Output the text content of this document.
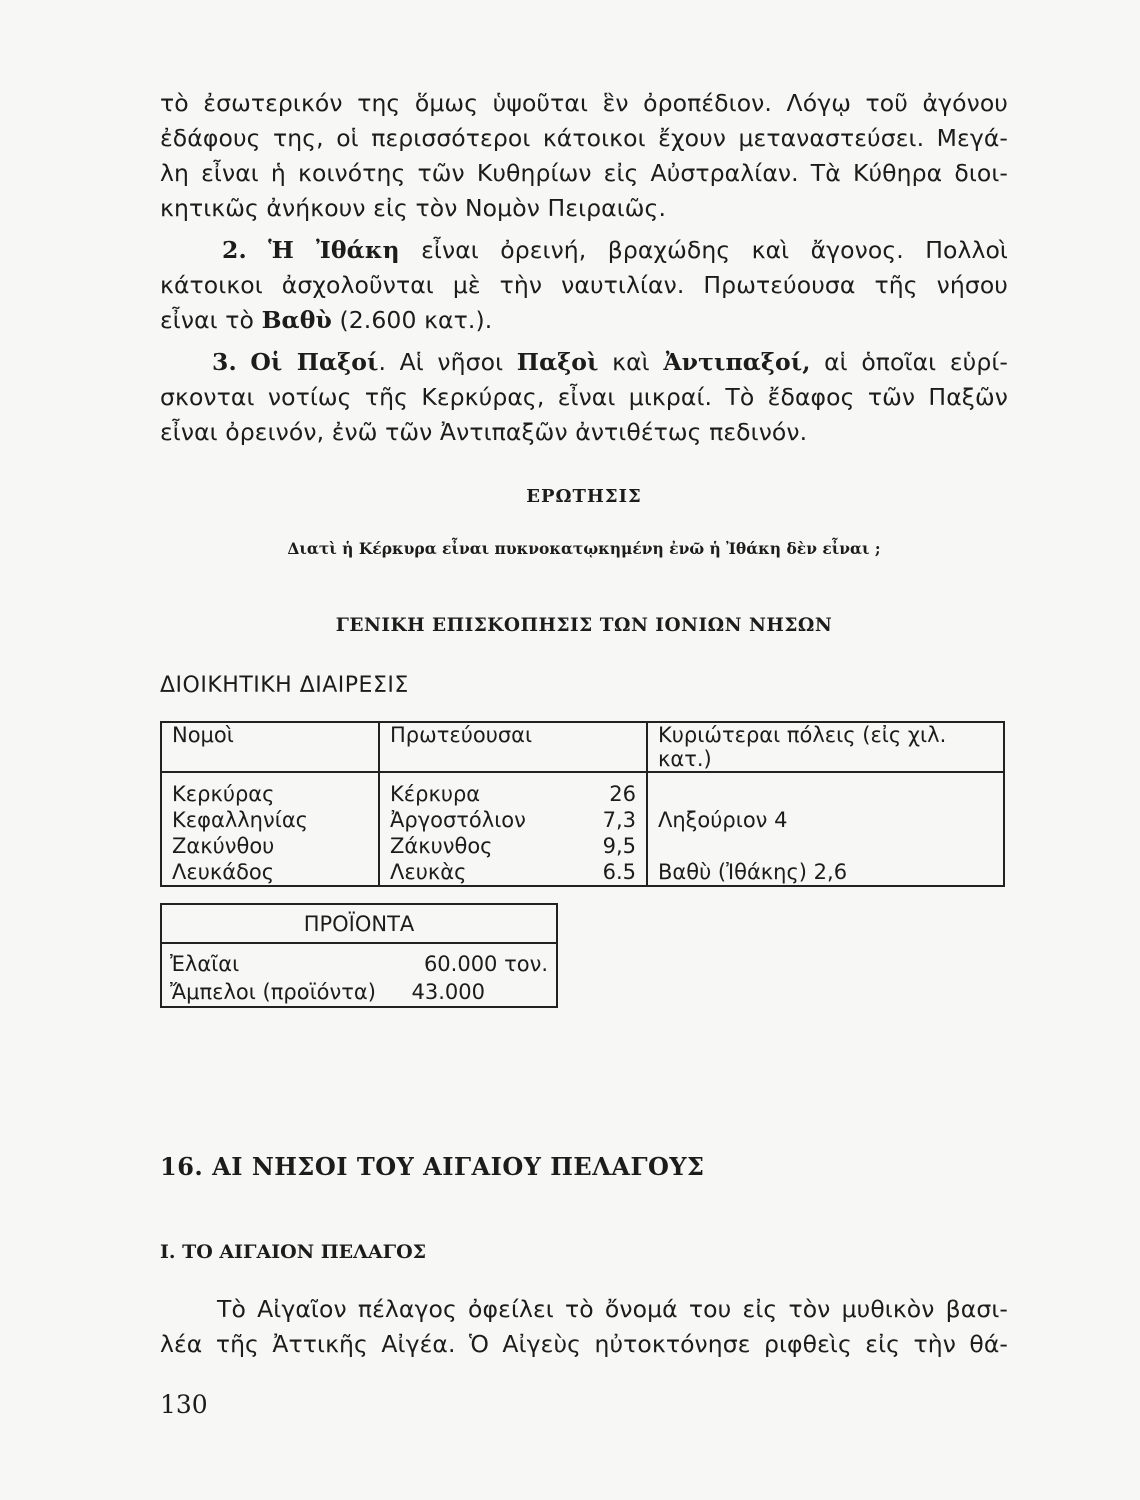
τὸ ἐσωτερικόν της ὅμως ὑψοῦται ἓν ὀροπέδιον. Λόγῳ τοῦ ἀγόνου
ἐδάφους της, οἱ περισσότεροι κάτοικοι ἔχουν μεταναστεύσει. Μεγά-
λη εἶναι ἡ κοινότης τῶν Κυθηρίων εἰς Αὐστραλίαν. Τὰ Κύθηρα διοι-
κητικῶς ἀνήκουν εἰς τὸν Νομὸν Πειραιῶς.
2. Ἡ Ἰθάκη εἶναι ὀρεινή, βραχώδης καὶ ἄγονος. Πολλοὶ
κάτοικοι ἀσχολοῦνται μὲ τὴν ναυτιλίαν. Πρωτεύουσα τῆς νήσου
εἶναι τὸ Βαθὺ (2.600 κατ.).
3. Οἱ Παξοί. Αἱ νῆσοι Παξοὶ καὶ Ἀντιπαξοί, αἱ ὁποῖαι εὑρί-
σκονται νοτίως τῆς Κερκύρας, εἶναι μικραί. Τὸ ἔδαφος τῶν Παξῶν
εἶναι ὀρεινόν, ἐνῶ τῶν Ἀντιπαξῶν ἀντιθέτως πεδινόν.
ΕΡΩΤΗΣΙΣ
Διατὶ ἡ Κέρκυρα εἶναι πυκνοκατῳκημένη ἐνῶ ἡ Ἰθάκη δὲν εἶναι ;
ΓΕΝΙΚΗ ΕΠΙΣΚΟΠΗΣΙΣ ΤΩΝ ΙΟΝΙΩΝ ΝΗΣΩΝ
ΔΙΟΙΚΗΤΙΚΗ ΔΙΑΙΡΕΣΙΣ
Νομοὶ	Πρωτεύουσαι	Κυριώτεραι πόλεις (εἰς χιλ. κατ.)
Κερκύρας	Κέρκυρα 26	

Κεφαλληνίας	Ἀργοστόλιον 7,3	Ληξούριον 4
Ζακύνθου	Ζάκυνθος 9,5	

Λευκάδος	Λευκὰς 6.5	Βαθὺ (Ἰθάκης) 2,6
ΠΡΟΪΟΝΤΑ	
Ἐλαῖαι	60.000 τον.
Ἄμπελοι (προϊόντα)	43.000
16. ΑΙ ΝΗΣΟΙ ΤΟΥ ΑΙΓΑΙΟΥ ΠΕΛΑΓΟΥΣ
Ι. ΤΟ ΑΙΓΑΙΟΝ ΠΕΛΑΓΟΣ
Τὸ Αἰγαῖον πέλαγος ὀφείλει τὸ ὄνομά του εἰς τὸν μυθικὸν βασι-
λέα τῆς Ἀττικῆς Αἰγέα. Ὁ Αἰγεὺς ηὐτοκτόνησε ριφθεὶς εἰς τὴν θά-
130
